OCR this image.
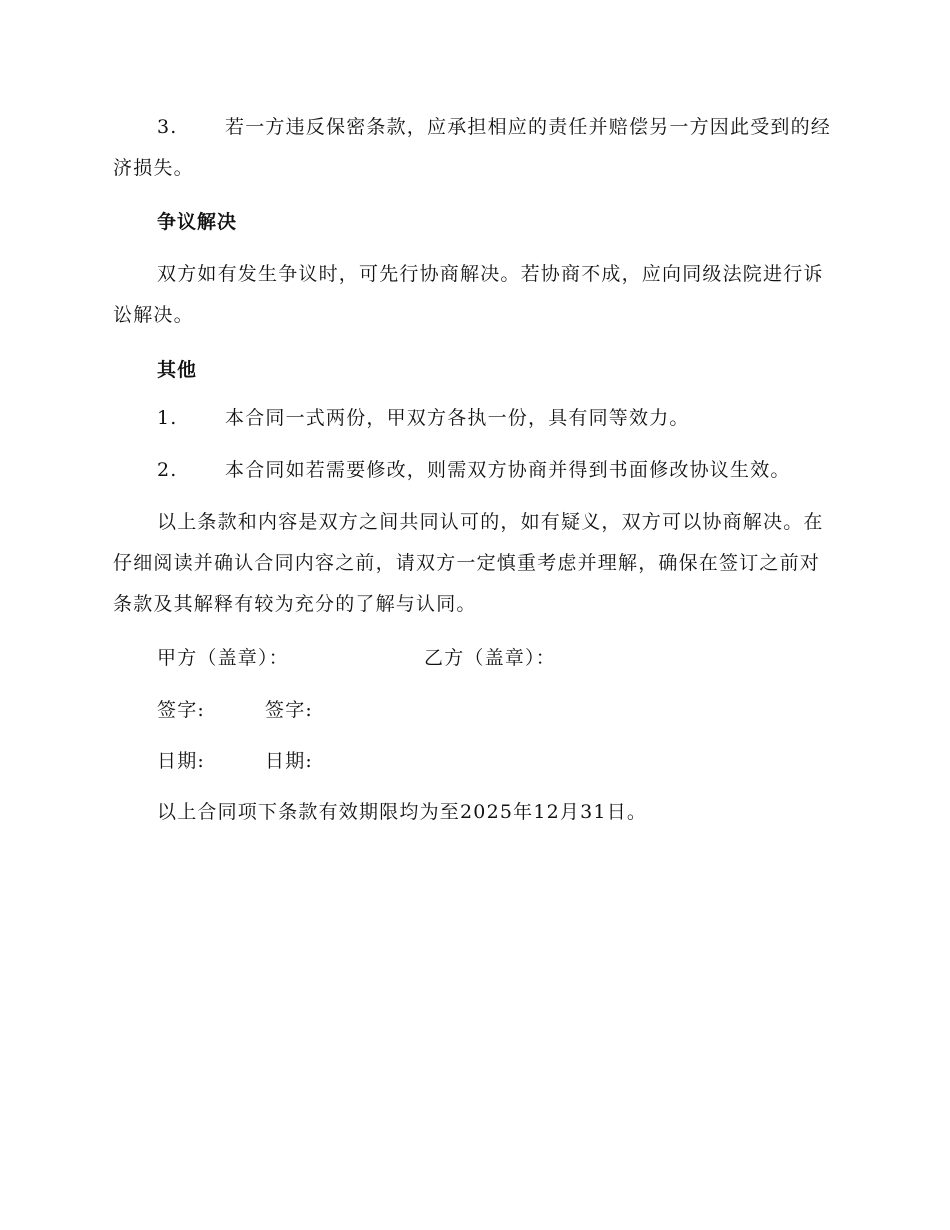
3. 若一方违反保密条款，应承担相应的责任并赔偿另一方因此受到的经济损失。
争议解决
双方如有发生争议时，可先行协商解决。若协商不成，应向同级法院进行诉讼解决。
其他
1. 本合同一式两份，甲双方各执一份，具有同等效力。
2. 本合同如若需要修改，则需双方协商并得到书面修改协议生效。
以上条款和内容是双方之间共同认可的，如有疑义，双方可以协商解决。在仔细阅读并确认合同内容之前，请双方一定慎重考虑并理解，确保在签订之前对条款及其解释有较为充分的了解与认同。
甲方（盖章）：	乙方（盖章）：
签字:	签字:
日期:	日期:
以上合同项下条款有效期限均为至2025年12月31日。
